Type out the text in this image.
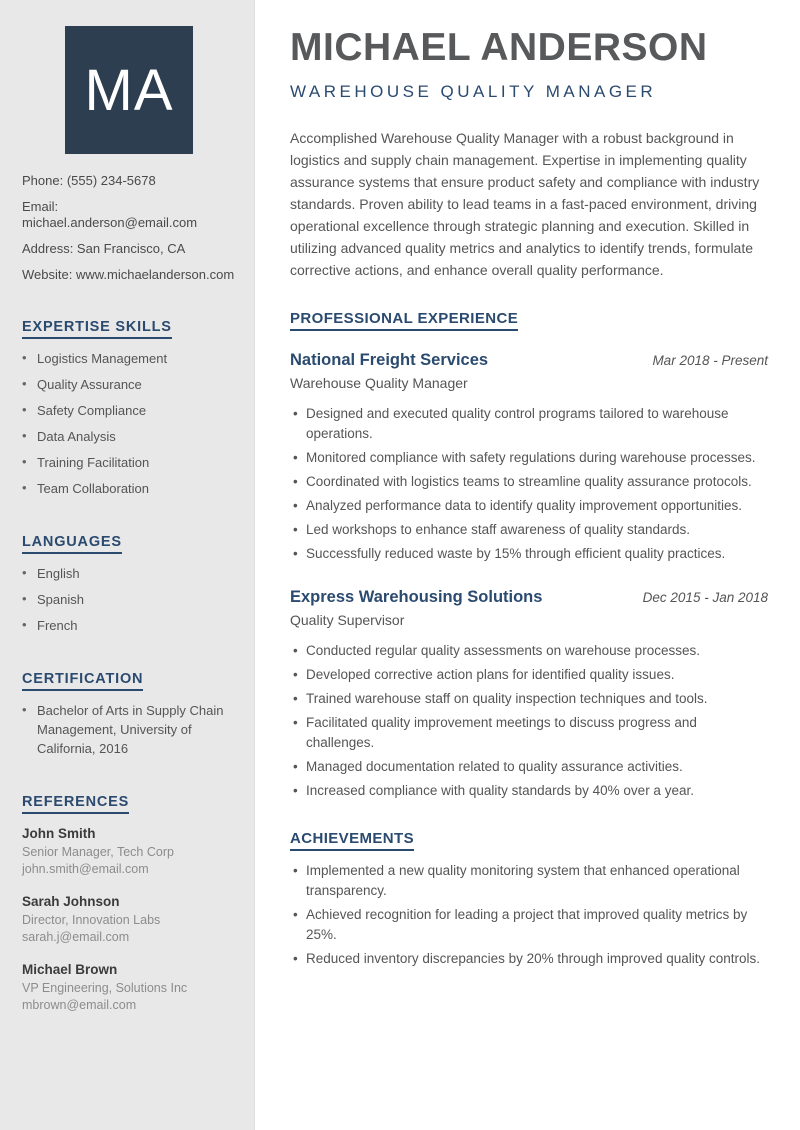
MA
Phone: (555) 234-5678
Email: michael.anderson@email.com
Address: San Francisco, CA
Website: www.michaelanderson.com
EXPERTISE SKILLS
• Logistics Management
• Quality Assurance
• Safety Compliance
• Data Analysis
• Training Facilitation
• Team Collaboration
LANGUAGES
• English
• Spanish
• French
CERTIFICATION
• Bachelor of Arts in Supply Chain Management, University of California, 2016
REFERENCES
John Smith
Senior Manager, Tech Corp
john.smith@email.com
Sarah Johnson
Director, Innovation Labs
sarah.j@email.com
Michael Brown
VP Engineering, Solutions Inc
mbrown@email.com
MICHAEL ANDERSON
WAREHOUSE QUALITY MANAGER
Accomplished Warehouse Quality Manager with a robust background in logistics and supply chain management. Expertise in implementing quality assurance systems that ensure product safety and compliance with industry standards. Proven ability to lead teams in a fast-paced environment, driving operational excellence through strategic planning and execution. Skilled in utilizing advanced quality metrics and analytics to identify trends, formulate corrective actions, and enhance overall quality performance.
PROFESSIONAL EXPERIENCE
National Freight Services	Mar 2018 - Present
Warehouse Quality Manager
• Designed and executed quality control programs tailored to warehouse operations.
• Monitored compliance with safety regulations during warehouse processes.
• Coordinated with logistics teams to streamline quality assurance protocols.
• Analyzed performance data to identify quality improvement opportunities.
• Led workshops to enhance staff awareness of quality standards.
• Successfully reduced waste by 15% through efficient quality practices.
Express Warehousing Solutions	Dec 2015 - Jan 2018
Quality Supervisor
• Conducted regular quality assessments on warehouse processes.
• Developed corrective action plans for identified quality issues.
• Trained warehouse staff on quality inspection techniques and tools.
• Facilitated quality improvement meetings to discuss progress and challenges.
• Managed documentation related to quality assurance activities.
• Increased compliance with quality standards by 40% over a year.
ACHIEVEMENTS
• Implemented a new quality monitoring system that enhanced operational transparency.
• Achieved recognition for leading a project that improved quality metrics by 25%.
• Reduced inventory discrepancies by 20% through improved quality controls.
